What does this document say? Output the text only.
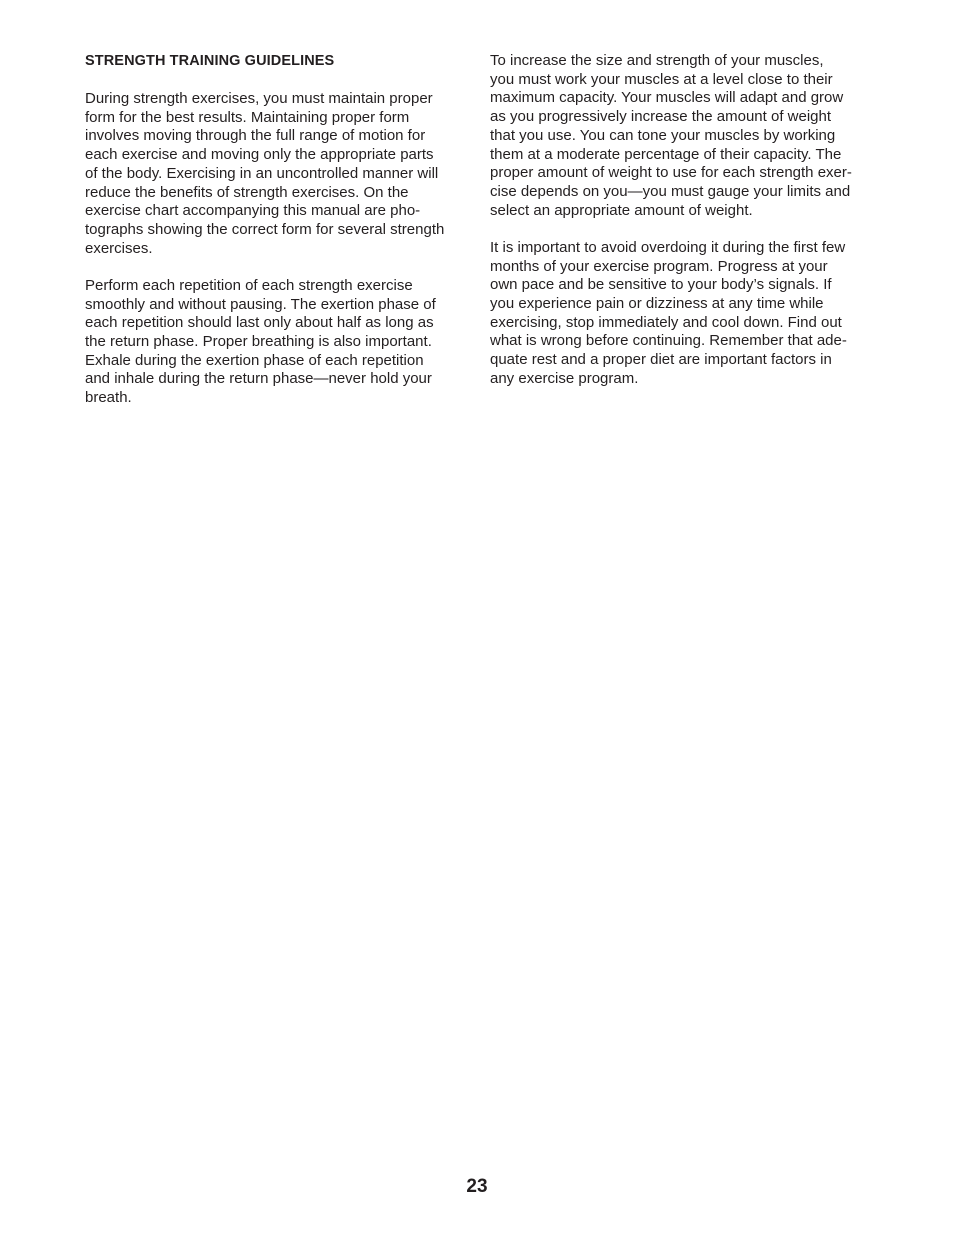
STRENGTH TRAINING GUIDELINES

During strength exercises, you must maintain proper
form for the best results. Maintaining proper form
involves moving through the full range of motion for
each exercise and moving only the appropriate parts
of the body. Exercising in an uncontrolled manner will
reduce the benefits of strength exercises. On the
exercise chart accompanying this manual are pho-
tographs showing the correct form for several strength
exercises.

Perform each repetition of each strength exercise
smoothly and without pausing. The exertion phase of
each repetition should last only about half as long as
the return phase. Proper breathing is also important.
Exhale during the exertion phase of each repetition
and inhale during the return phase—never hold your
breath.

To increase the size and strength of your muscles,
you must work your muscles at a level close to their
maximum capacity. Your muscles will adapt and grow
as you progressively increase the amount of weight
that you use. You can tone your muscles by working
them at a moderate percentage of their capacity. The
proper amount of weight to use for each strength exer-
cise depends on you—you must gauge your limits and
select an appropriate amount of weight.

It is important to avoid overdoing it during the first few
months of your exercise program. Progress at your
own pace and be sensitive to your body’s signals. If
you experience pain or dizziness at any time while
exercising, stop immediately and cool down. Find out
what is wrong before continuing. Remember that ade-
quate rest and a proper diet are important factors in
any exercise program.

23
